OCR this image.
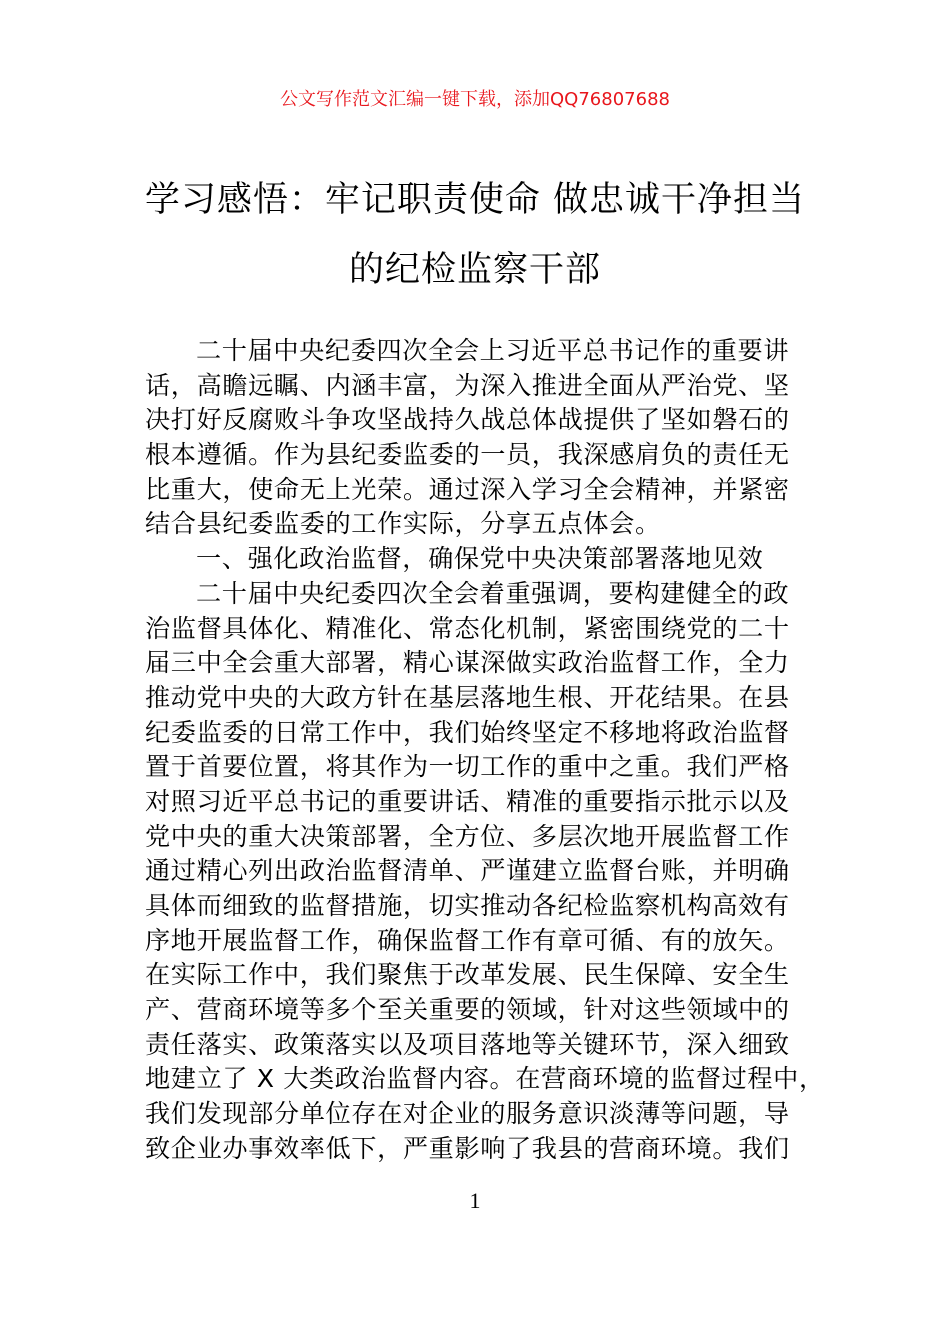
公文写作范文汇编一键下载，添加QQ76807688
学习感悟：牢记职责使命 做忠诚干净担当
的纪检监察干部
二十届中央纪委四次全会上习近平总书记作的重要讲
话，高瞻远瞩、内涵丰富，为深入推进全面从严治党、坚
决打好反腐败斗争攻坚战持久战总体战提供了坚如磐石的
根本遵循。作为县纪委监委的一员，我深感肩负的责任无
比重大，使命无上光荣。通过深入学习全会精神，并紧密
结合县纪委监委的工作实际，分享五点体会。
一、强化政治监督，确保党中央决策部署落地见效
二十届中央纪委四次全会着重强调，要构建健全的政
治监督具体化、精准化、常态化机制，紧密围绕党的二十
届三中全会重大部署，精心谋深做实政治监督工作，全力
推动党中央的大政方针在基层落地生根、开花结果。在县
纪委监委的日常工作中，我们始终坚定不移地将政治监督
置于首要位置，将其作为一切工作的重中之重。我们严格
对照习近平总书记的重要讲话、精准的重要指示批示以及
党中央的重大决策部署，全方位、多层次地开展监督工作
通过精心列出政治监督清单、严谨建立监督台账，并明确
具体而细致的监督措施，切实推动各纪检监察机构高效有
序地开展监督工作，确保监督工作有章可循、有的放矢。
在实际工作中，我们聚焦于改革发展、民生保障、安全生
产、营商环境等多个至关重要的领域，针对这些领域中的
责任落实、政策落实以及项目落地等关键环节，深入细致
地建立了 X 大类政治监督内容。在营商环境的监督过程中，
我们发现部分单位存在对企业的服务意识淡薄等问题，导
致企业办事效率低下，严重影响了我县的营商环境。我们
1
